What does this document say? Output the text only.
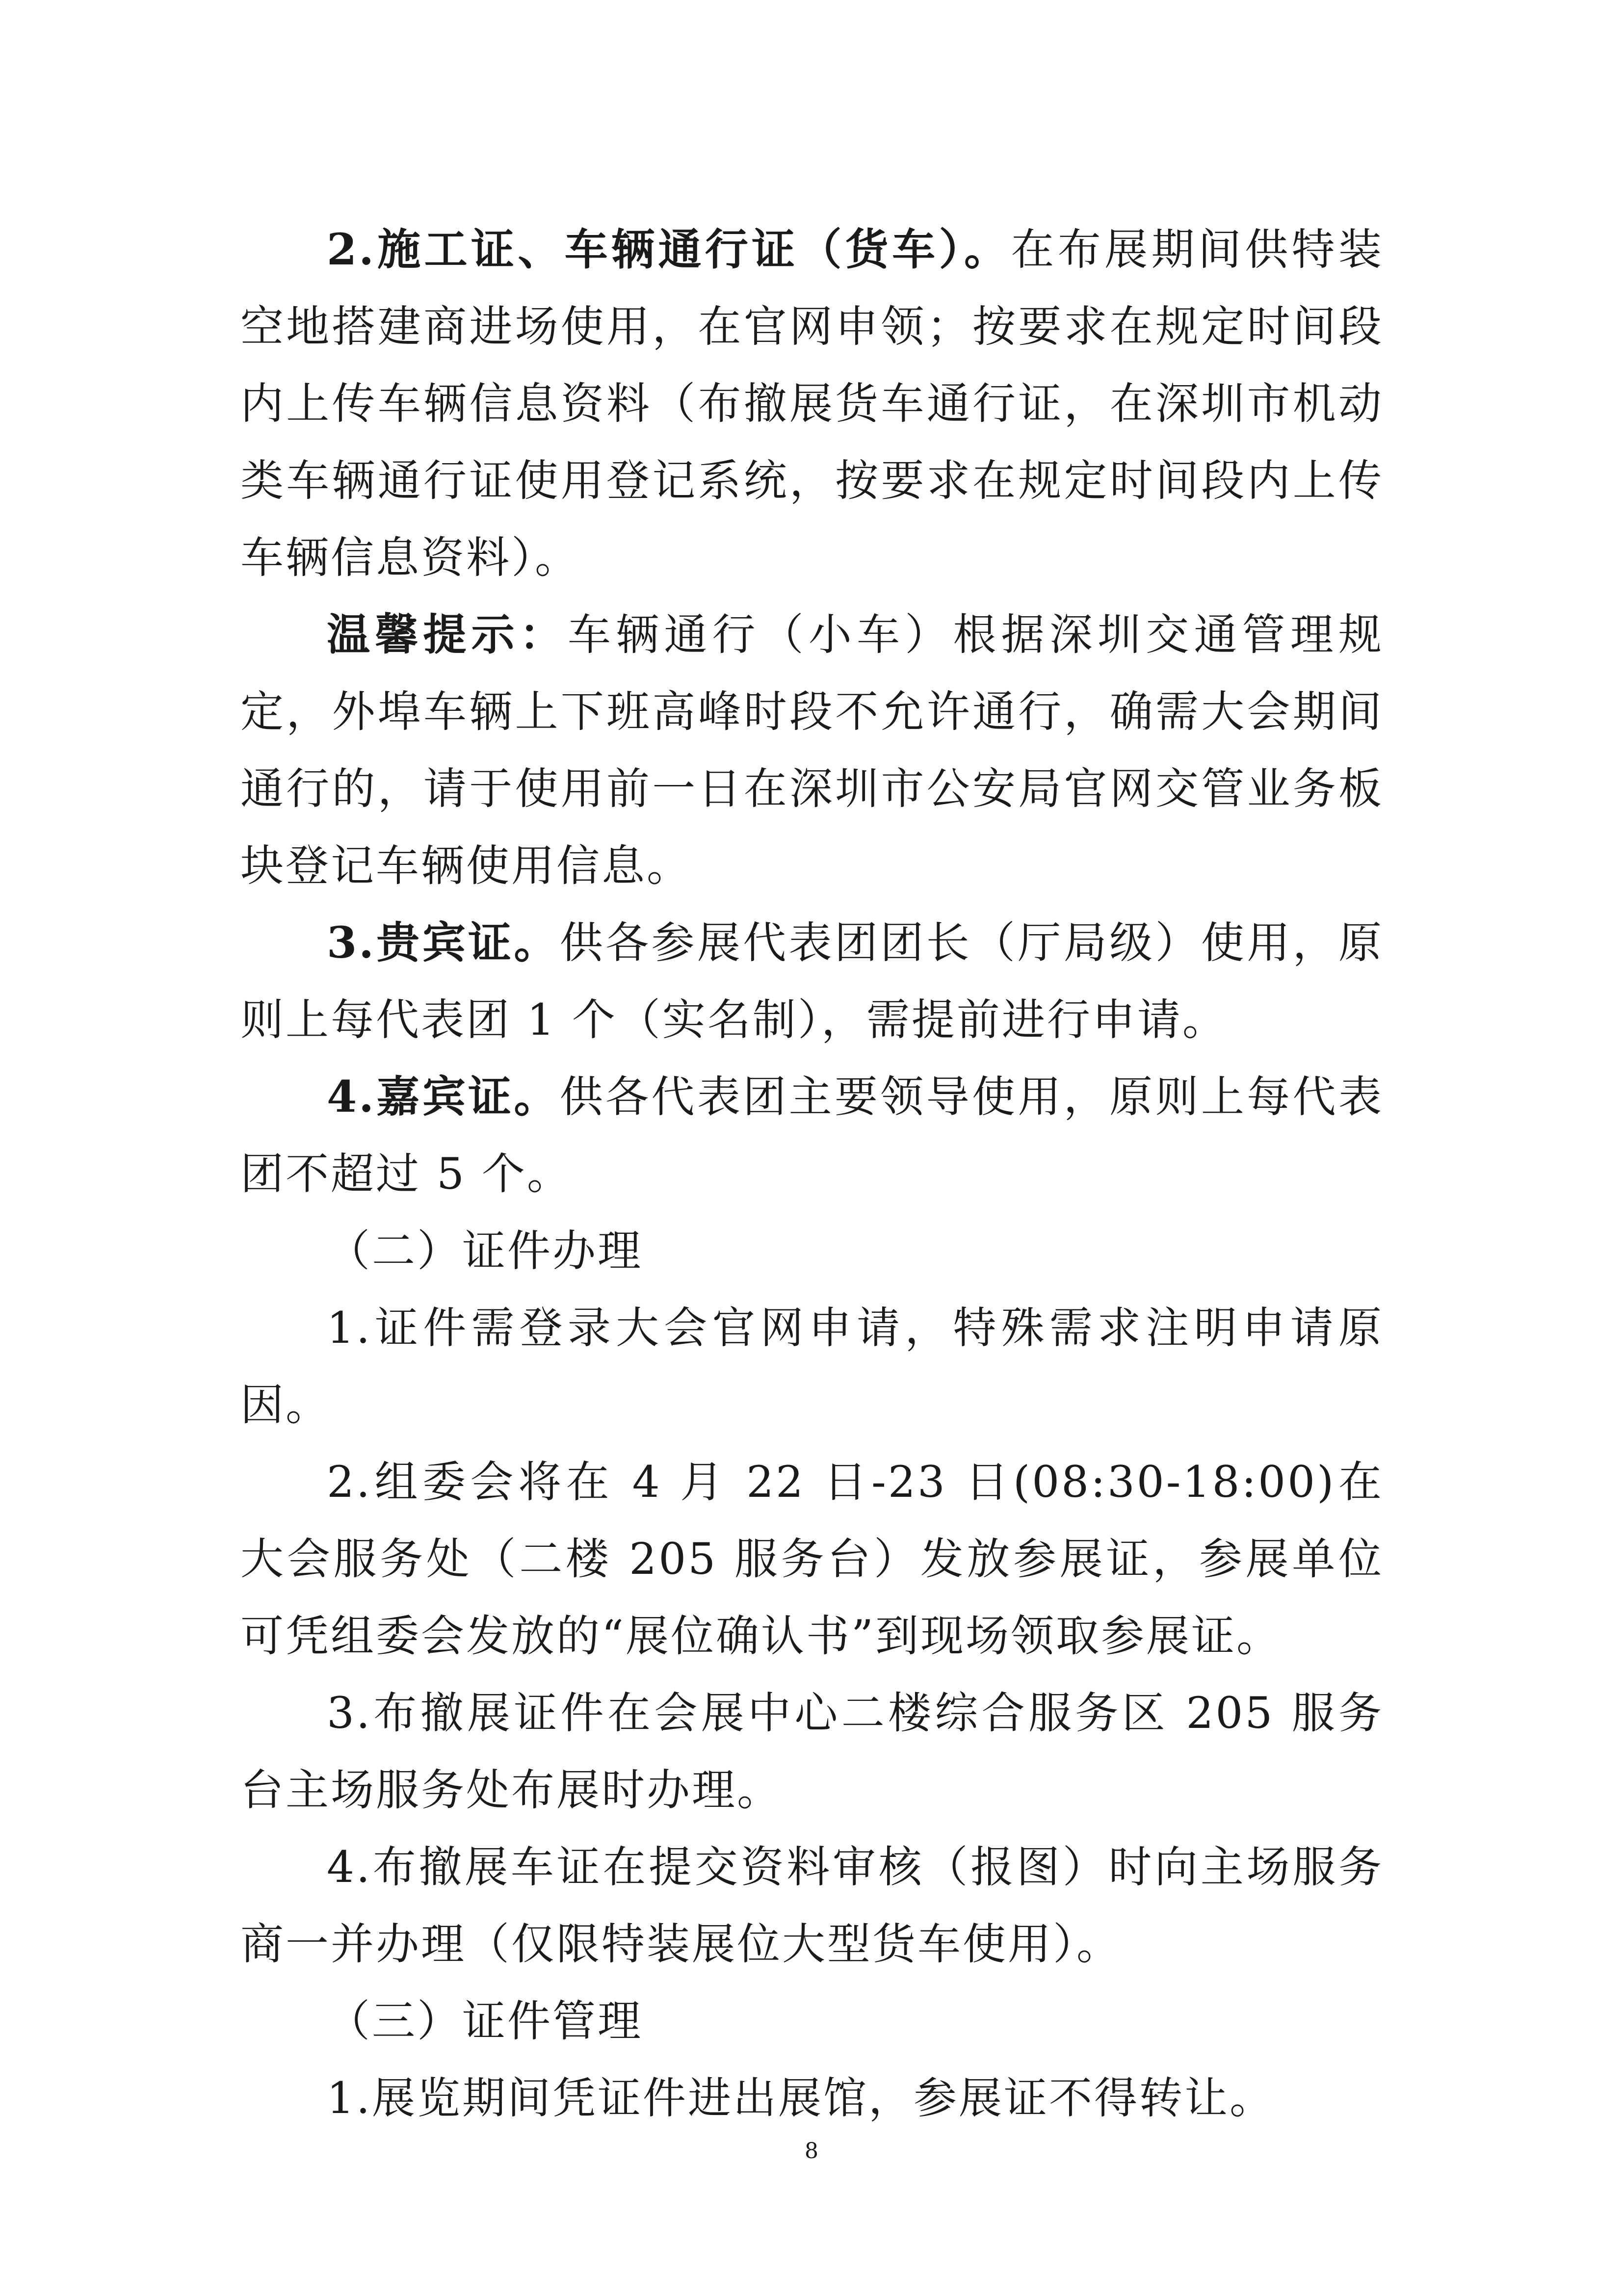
2.施工证、车辆通行证（货车）。在布展期间供特装空地搭建商进场使用，在官网申领；按要求在规定时间段内上传车辆信息资料（布撤展货车通行证，在深圳市机动类车辆通行证使用登记系统，按要求在规定时间段内上传车辆信息资料）。

温馨提示：车辆通行（小车）根据深圳交通管理规定，外埠车辆上下班高峰时段不允许通行，确需大会期间通行的，请于使用前一日在深圳市公安局官网交管业务板块登记车辆使用信息。

3.贵宾证。供各参展代表团团长（厅局级）使用，原则上每代表团 1 个（实名制），需提前进行申请。

4.嘉宾证。供各代表团主要领导使用，原则上每代表团不超过 5 个。

（二）证件办理

1.证件需登录大会官网申请，特殊需求注明申请原因。

2.组委会将在 4 月 22 日-23 日(08:30-18:00)在大会服务处（二楼 205 服务台）发放参展证，参展单位可凭组委会发放的“展位确认书”到现场领取参展证。

3.布撤展证件在会展中心二楼综合服务区 205 服务台主场服务处布展时办理。

4.布撤展车证在提交资料审核（报图）时向主场服务商一并办理（仅限特装展位大型货车使用）。

（三）证件管理

1.展览期间凭证件进出展馆，参展证不得转让。

8
